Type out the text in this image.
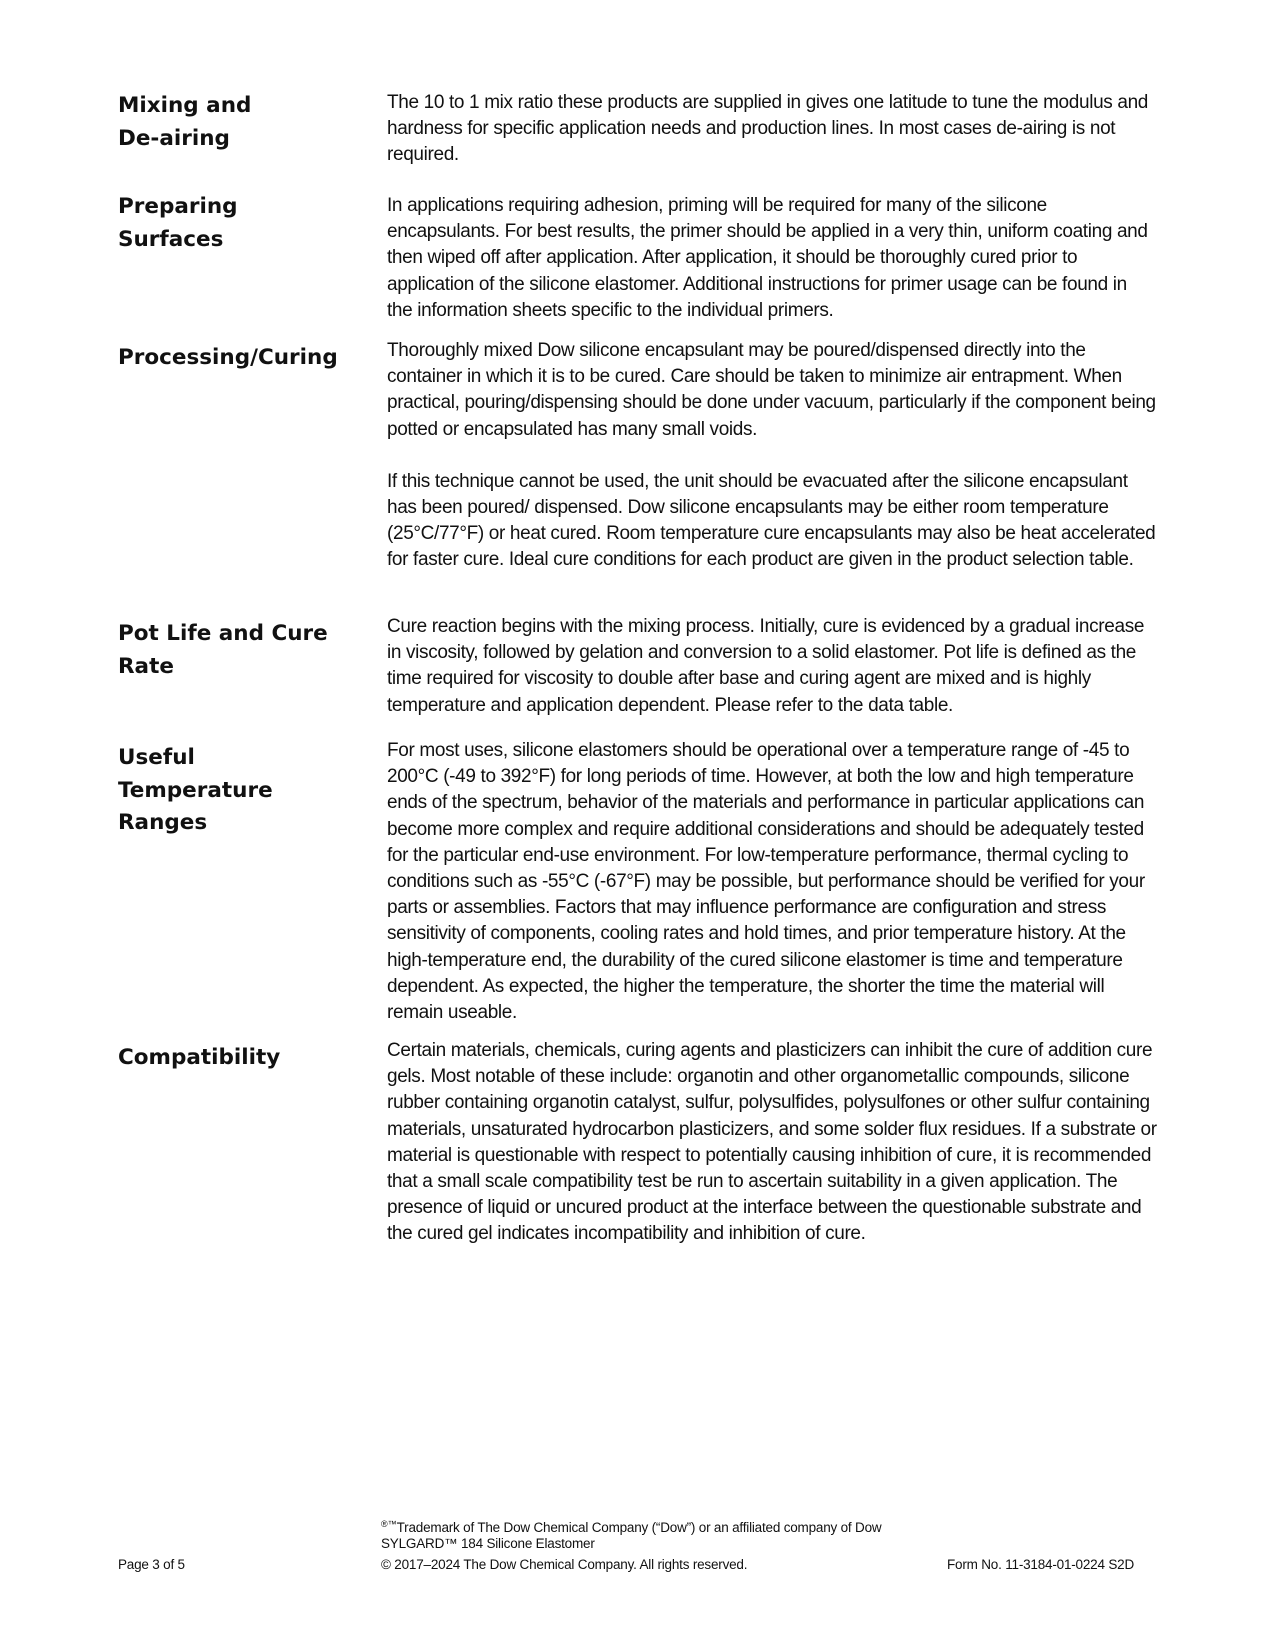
Mixing and
De-airing

The 10 to 1 mix ratio these products are supplied in gives one latitude to tune the modulus and hardness for specific application needs and production lines. In most cases de-airing is not required.

Preparing
Surfaces

In applications requiring adhesion, priming will be required for many of the silicone encapsulants. For best results, the primer should be applied in a very thin, uniform coating and then wiped off after application. After application, it should be thoroughly cured prior to application of the silicone elastomer. Additional instructions for primer usage can be found in the information sheets specific to the individual primers.

Processing/Curing	Thoroughly mixed Dow silicone encapsulant may be poured/dispensed directly into the container in which it is to be cured. Care should be taken to minimize air entrapment. When practical, pouring/dispensing should be done under vacuum, particularly if the component being potted or encapsulated has many small voids.

If this technique cannot be used, the unit should be evacuated after the silicone encapsulant has been poured/ dispensed. Dow silicone encapsulants may be either room temperature (25°C/77°F) or heat cured. Room temperature cure encapsulants may also be heat accelerated for faster cure. Ideal cure conditions for each product are given in the product selection table.

Pot Life and Cure
Rate

Cure reaction begins with the mixing process. Initially, cure is evidenced by a gradual increase in viscosity, followed by gelation and conversion to a solid elastomer. Pot life is defined as the time required for viscosity to double after base and curing agent are mixed and is highly temperature and application dependent. Please refer to the data table.

Useful
Temperature
Ranges

For most uses, silicone elastomers should be operational over a temperature range of -45 to 200°C (-49 to 392°F) for long periods of time. However, at both the low and high temperature ends of the spectrum, behavior of the materials and performance in particular applications can become more complex and require additional considerations and should be adequately tested for the particular end-use environment. For low-temperature performance, thermal cycling to conditions such as -55°C (-67°F) may be possible, but performance should be verified for your parts or assemblies. Factors that may influence performance are configuration and stress sensitivity of components, cooling rates and hold times, and prior temperature history. At the high-temperature end, the durability of the cured silicone elastomer is time and temperature dependent. As expected, the higher the temperature, the shorter the time the material will remain useable.

Compatibility	Certain materials, chemicals, curing agents and plasticizers can inhibit the cure of addition cure gels. Most notable of these include: organotin and other organometallic compounds, silicone rubber containing organotin catalyst, sulfur, polysulfides, polysulfones or other sulfur containing materials, unsaturated hydrocarbon plasticizers, and some solder flux residues. If a substrate or material is questionable with respect to potentially causing inhibition of cure, it is recommended that a small scale compatibility test be run to ascertain suitability in a given application. The presence of liquid or uncured product at the interface between the questionable substrate and the cured gel indicates incompatibility and inhibition of cure.

®™Trademark of The Dow Chemical Company (“Dow”) or an affiliated company of Dow
SYLGARD™ 184 Silicone Elastomer
Page 3 of 5	© 2017–2024 The Dow Chemical Company. All rights reserved.	Form No. 11-3184-01-0224 S2D
